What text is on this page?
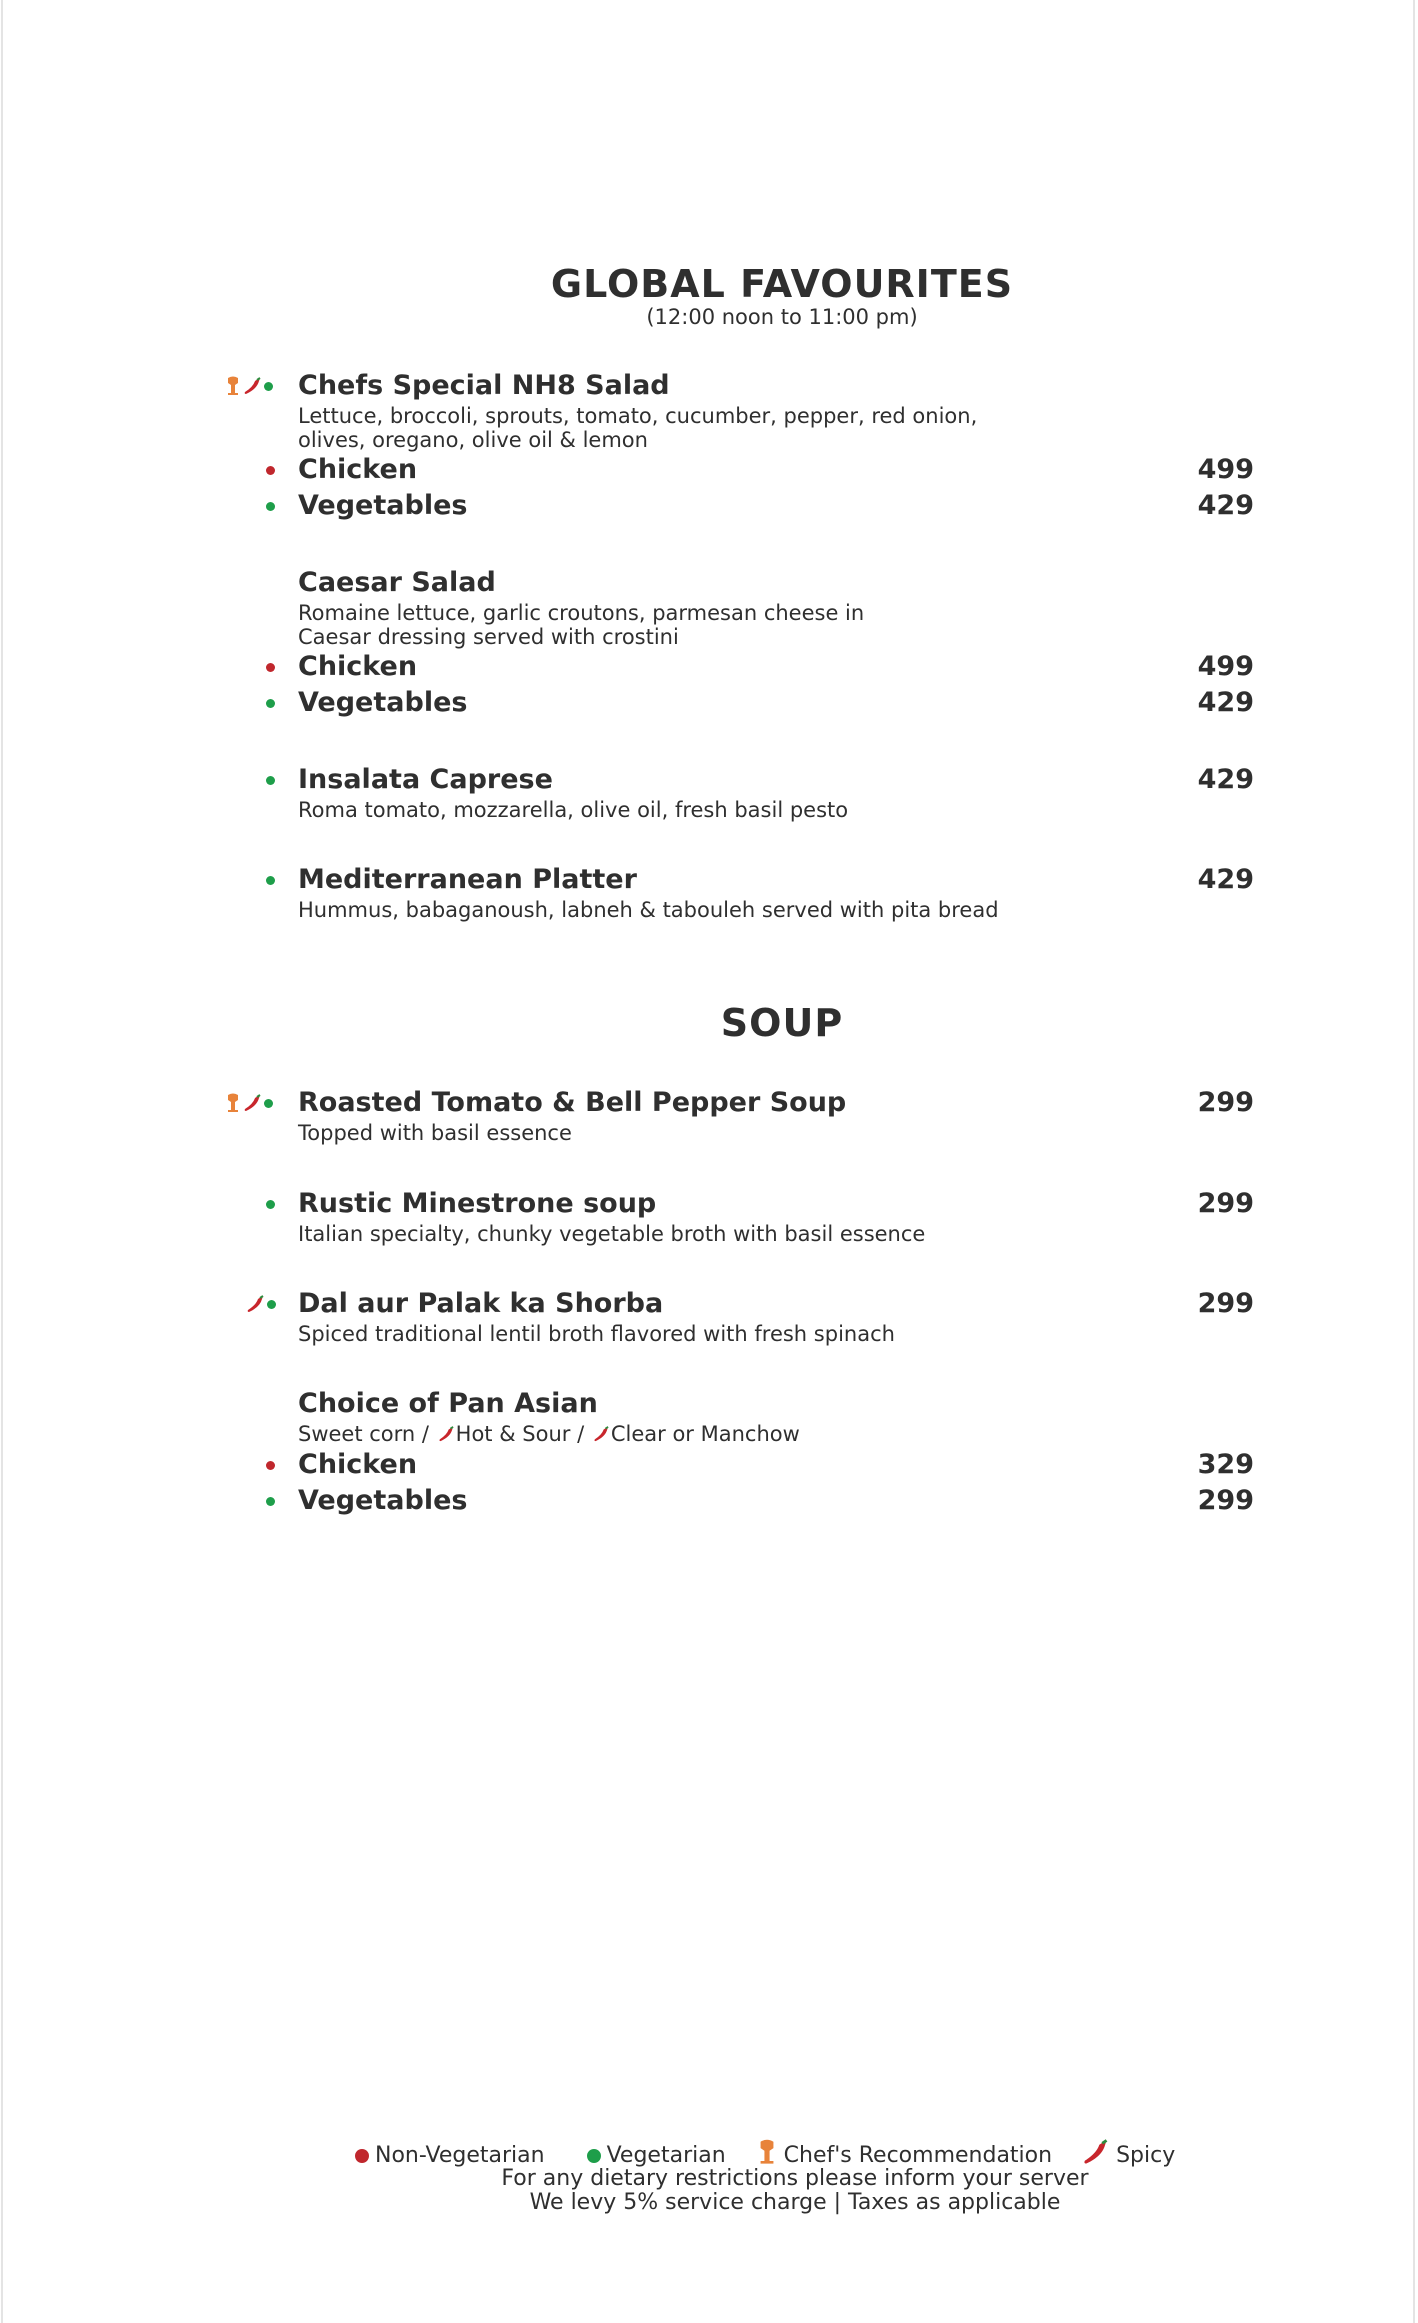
GLOBAL FAVOURITES
(12:00 noon to 11:00 pm)
Chefs Special NH8 Salad
Lettuce, broccoli, sprouts, tomato, cucumber, pepper, red onion,
olives, oregano, olive oil & lemon
Chicken	499
Vegetables	429
Caesar Salad
Romaine lettuce, garlic croutons, parmesan cheese in
Caesar dressing served with crostini
Chicken	499
Vegetables	429
Insalata Caprese
Roma tomato, mozzarella, olive oil, fresh basil pesto
429
Mediterranean Platter
Hummus, babaganoush, labneh & tabouleh served with pita bread
429
SOUP
Roasted Tomato & Bell Pepper Soup
Topped with basil essence
299
Rustic Minestrone soup
Italian specialty, chunky vegetable broth with basil essence
299
Dal aur Palak ka Shorba
Spiced traditional lentil broth flavored with fresh spinach
299
Choice of Pan Asian
Sweet corn / Hot & Sour / Clear or Manchow
Chicken	329
Vegetables	299
Non-Vegetarian	Vegetarian	Chef's Recommendation	Spicy
For any dietary restrictions please inform your server
We levy 5% service charge | Taxes as applicable
